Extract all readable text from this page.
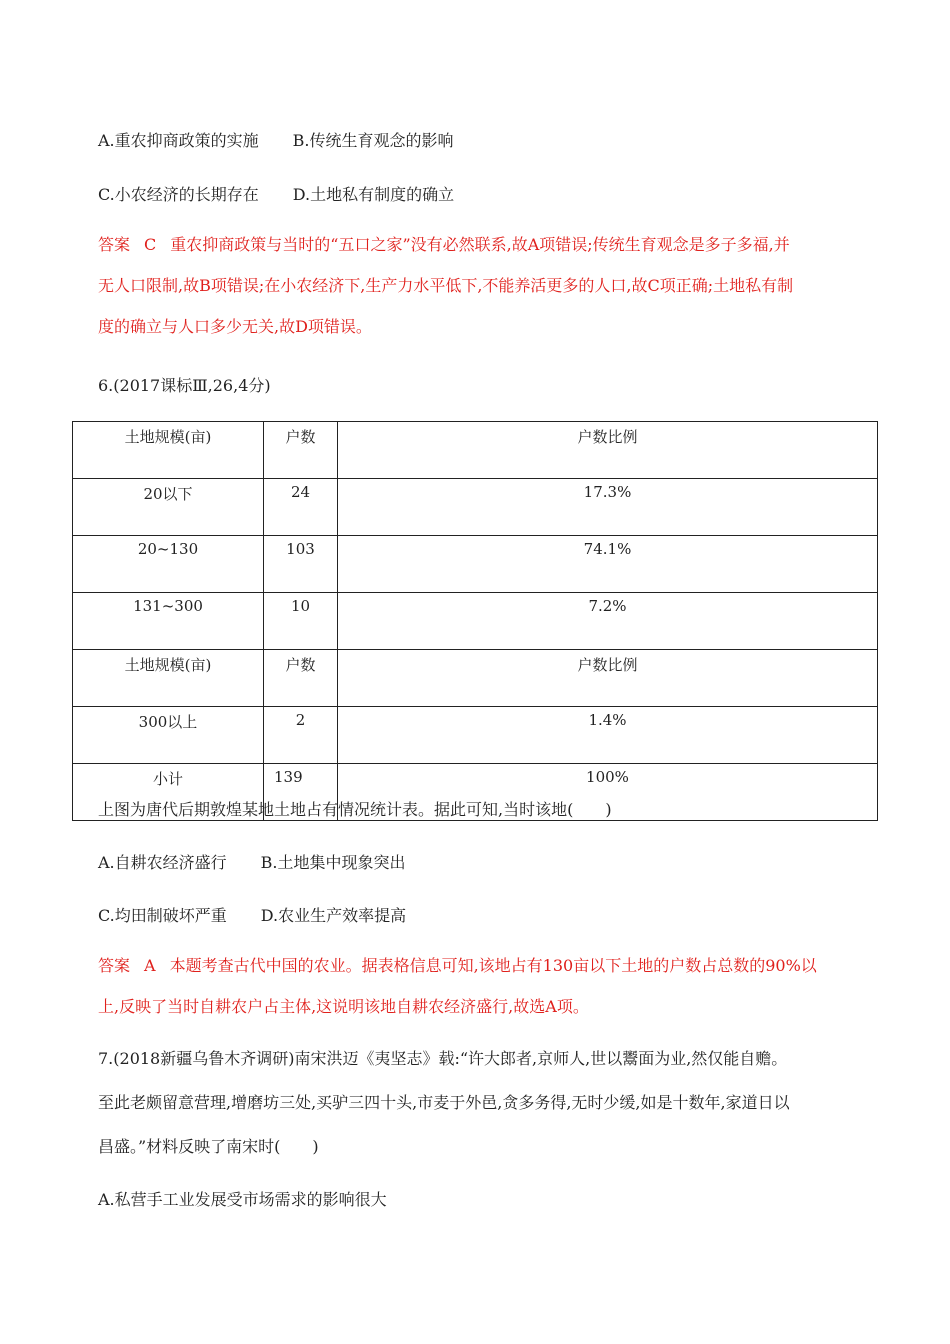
A.重农抑商政策的实施 B.传统生育观念的影响
C.小农经济的长期存在 D.土地私有制度的确立
答案 C 重农抑商政策与当时的“五口之家”没有必然联系,故A项错误;传统生育观念是多子多福,并
无人口限制,故B项错误;在小农经济下,生产力水平低下,不能养活更多的人口,故C项正确;土地私有制
度的确立与人口多少无关,故D项错误。
6.(2017课标Ⅲ,26,4分)
土地规模(亩)	户数	户数比例
20以下	24	17.3%
20~130	103	74.1%
131~300	10	7.2%
土地规模(亩)	户数	户数比例
300以上	2	1.4%
小计	139	100%
上图为唐代后期敦煌某地土地占有情况统计表。据此可知,当时该地(　　)
A.自耕农经济盛行 B.土地集中现象突出
C.均田制破坏严重 D.农业生产效率提高
答案 A 本题考查古代中国的农业。据表格信息可知,该地占有130亩以下土地的户数占总数的90%以
上,反映了当时自耕农户占主体,这说明该地自耕农经济盛行,故选A项。
7.(2018新疆乌鲁木齐调研)南宋洪迈《夷坚志》载:“许大郎者,京师人,世以鬻面为业,然仅能自赡。
至此老颇留意营理,增磨坊三处,买驴三四十头,市麦于外邑,贪多务得,无时少缓,如是十数年,家道日以
昌盛。”材料反映了南宋时(　　)
A.私营手工业发展受市场需求的影响很大
